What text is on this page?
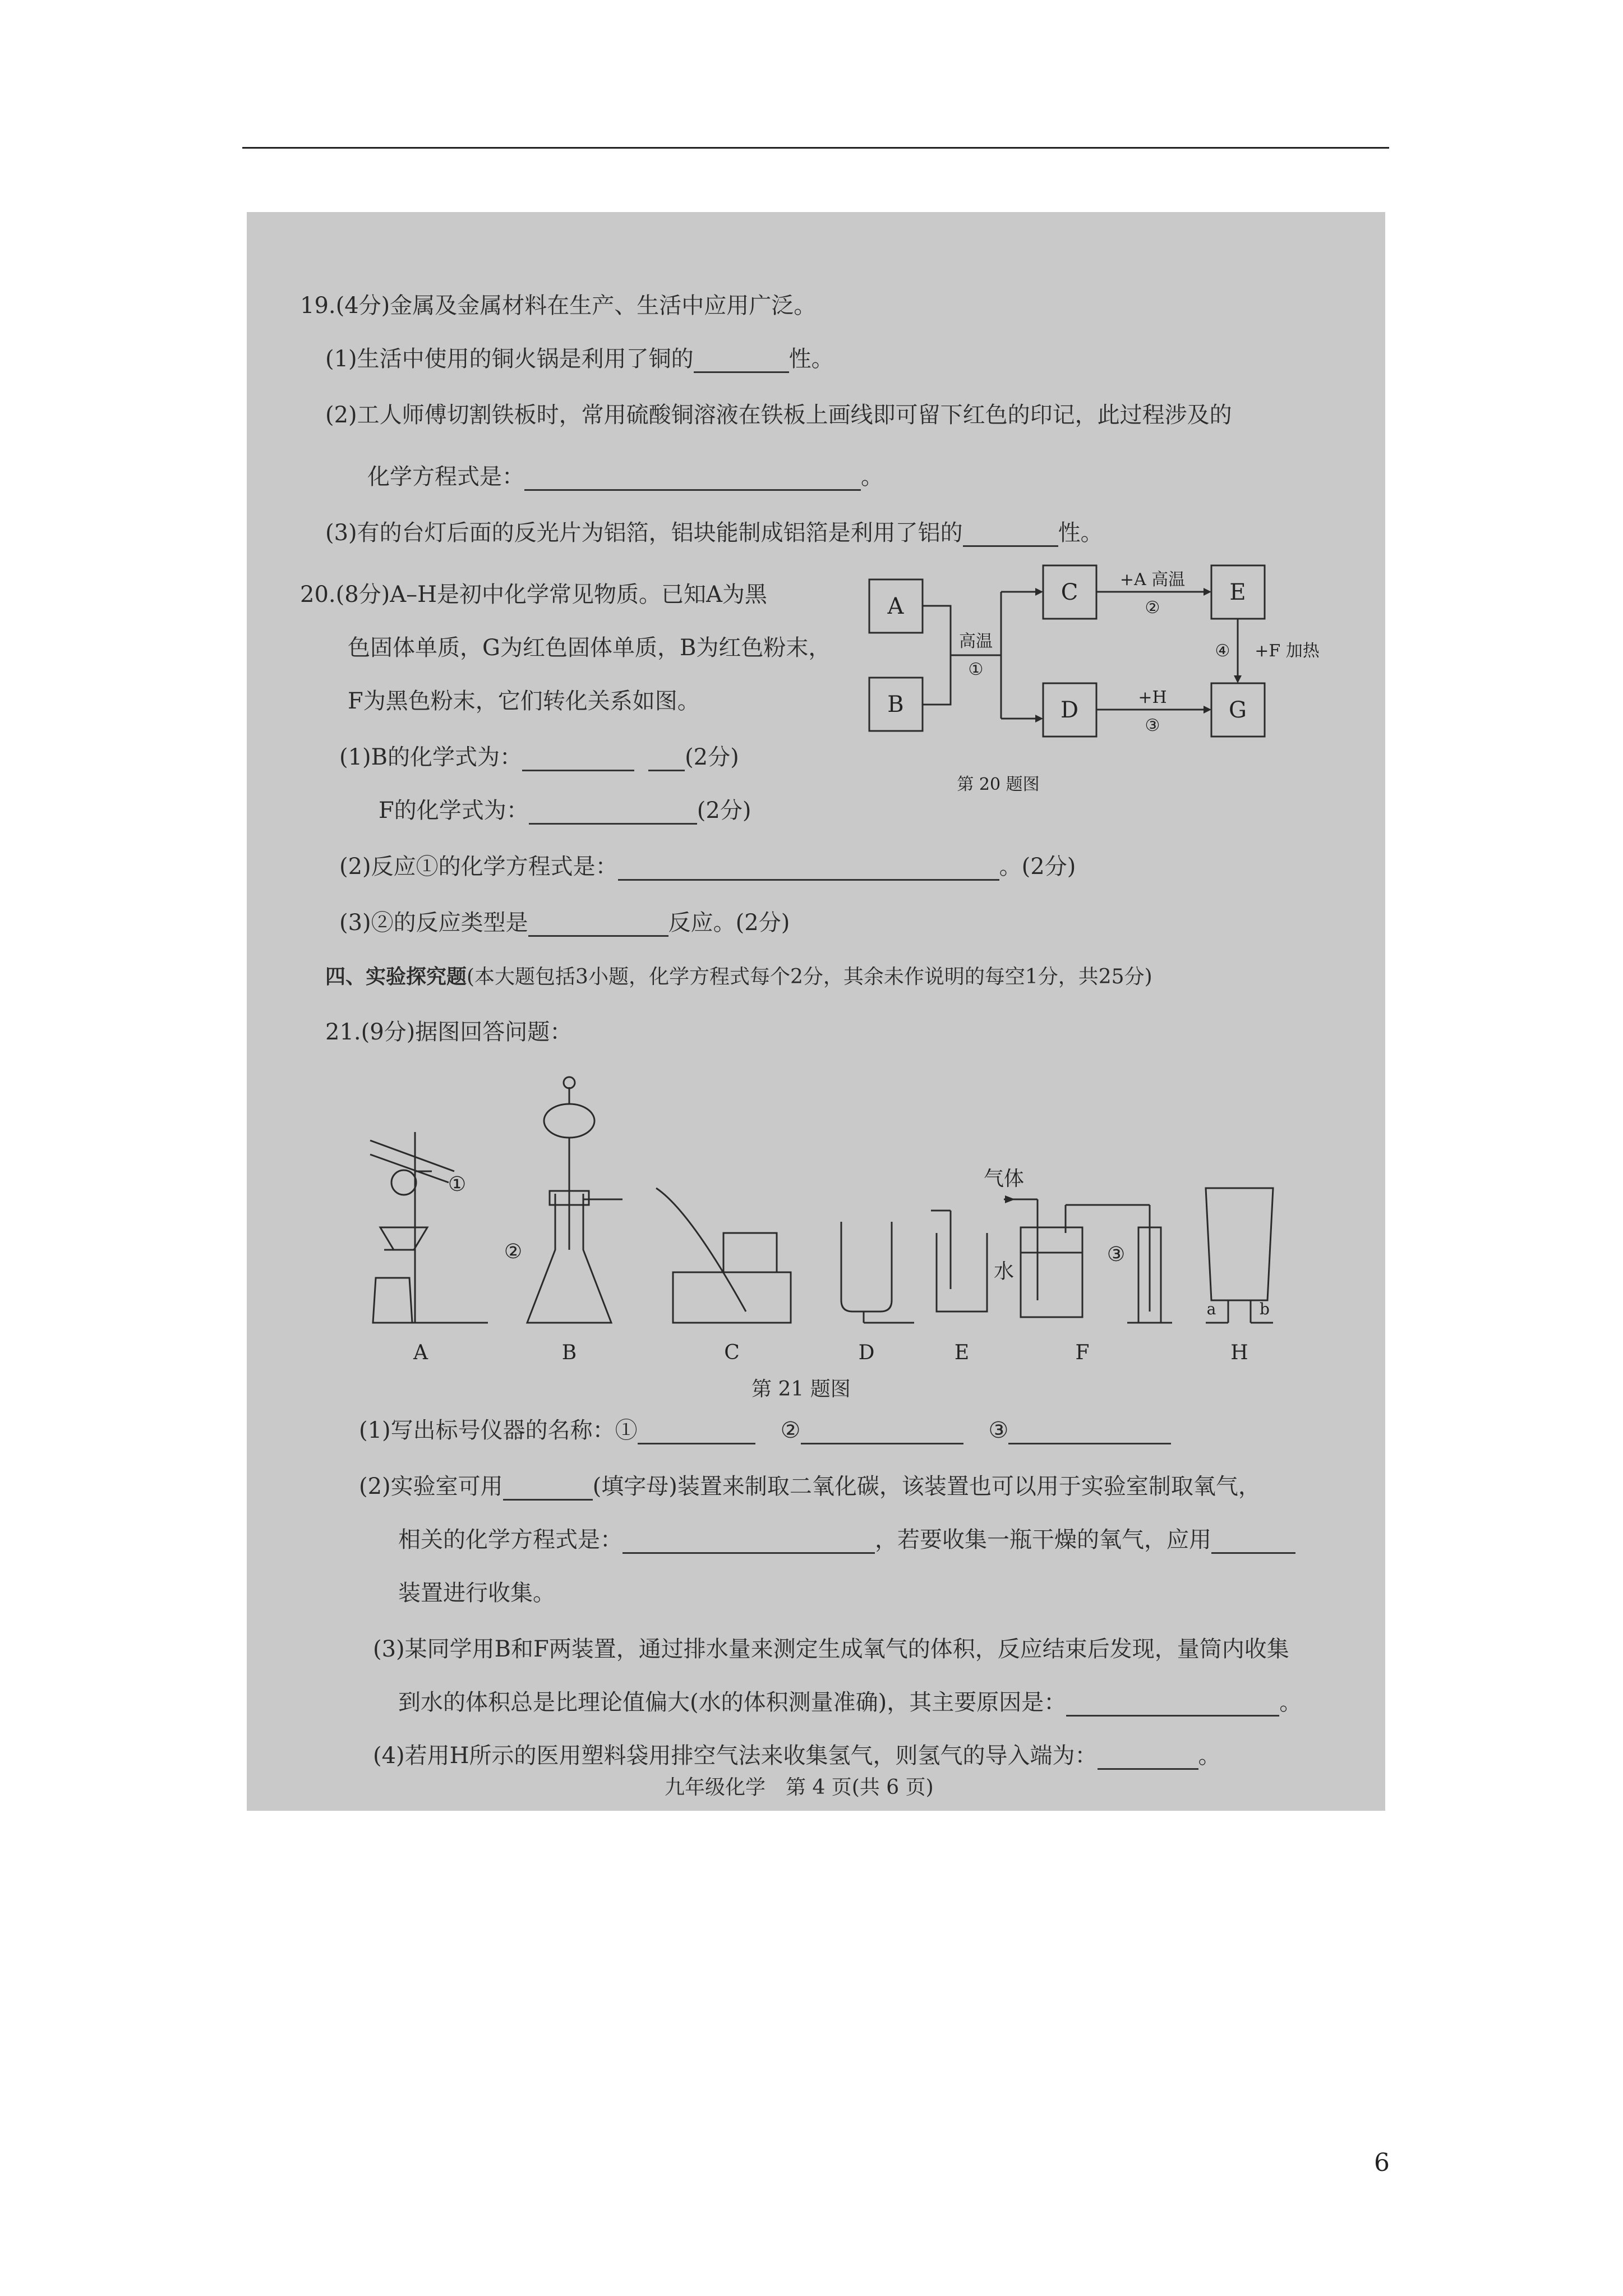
19.(4分)金属及金属材料在生产、生活中应用广泛。
(1)生活中使用的铜火锅是利用了铜的	性。
(2)工人师傅切割铁板时，常用硫酸铜溶液在铁板上画线即可留下红色的印记，此过程涉及的
化学方程式是：	。
(3)有的台灯后面的反光片为铝箔，铝块能制成铝箔是利用了铝的	性。
20.(8分)A–H是初中化学常见物质。已知A为黑
色固体单质，G为红色固体单质，B为红色粉末，
F为黑色粉末，它们转化关系如图。
(1)B的化学式为：	(2分)
F的化学式为：	(2分)
(2)反应①的化学方程式是：	。(2分)
(3)②的反应类型是	反应。(2分)
A
B
C
D
E
G
高温
①
+A 高温
②
+H
③
④ +F 加热
第 20 题图
四、实验探究题(本大题包括3小题，化学方程式每个2分，其余未作说明的每空1分，共25分)
21.(9分)据图回答问题：
A	B	C	D	E	F	H
①
②	③
气体
水
a	b
第 21 题图
(1)写出标号仪器的名称：①	②	③
(2)实验室可用	(填字母)装置来制取二氧化碳，该装置也可以用于实验室制取氧气，
相关的化学方程式是：	，若要收集一瓶干燥的氧气，应用
装置进行收集。
(3)某同学用B和F两装置，通过排水量来测定生成氧气的体积，反应结束后发现，量筒内收集
到水的体积总是比理论值偏大(水的体积测量准确)，其主要原因是：	。
(4)若用H所示的医用塑料袋用排空气法来收集氢气，则氢气的导入端为：	。
九年级化学　第 4 页(共 6 页)
6
